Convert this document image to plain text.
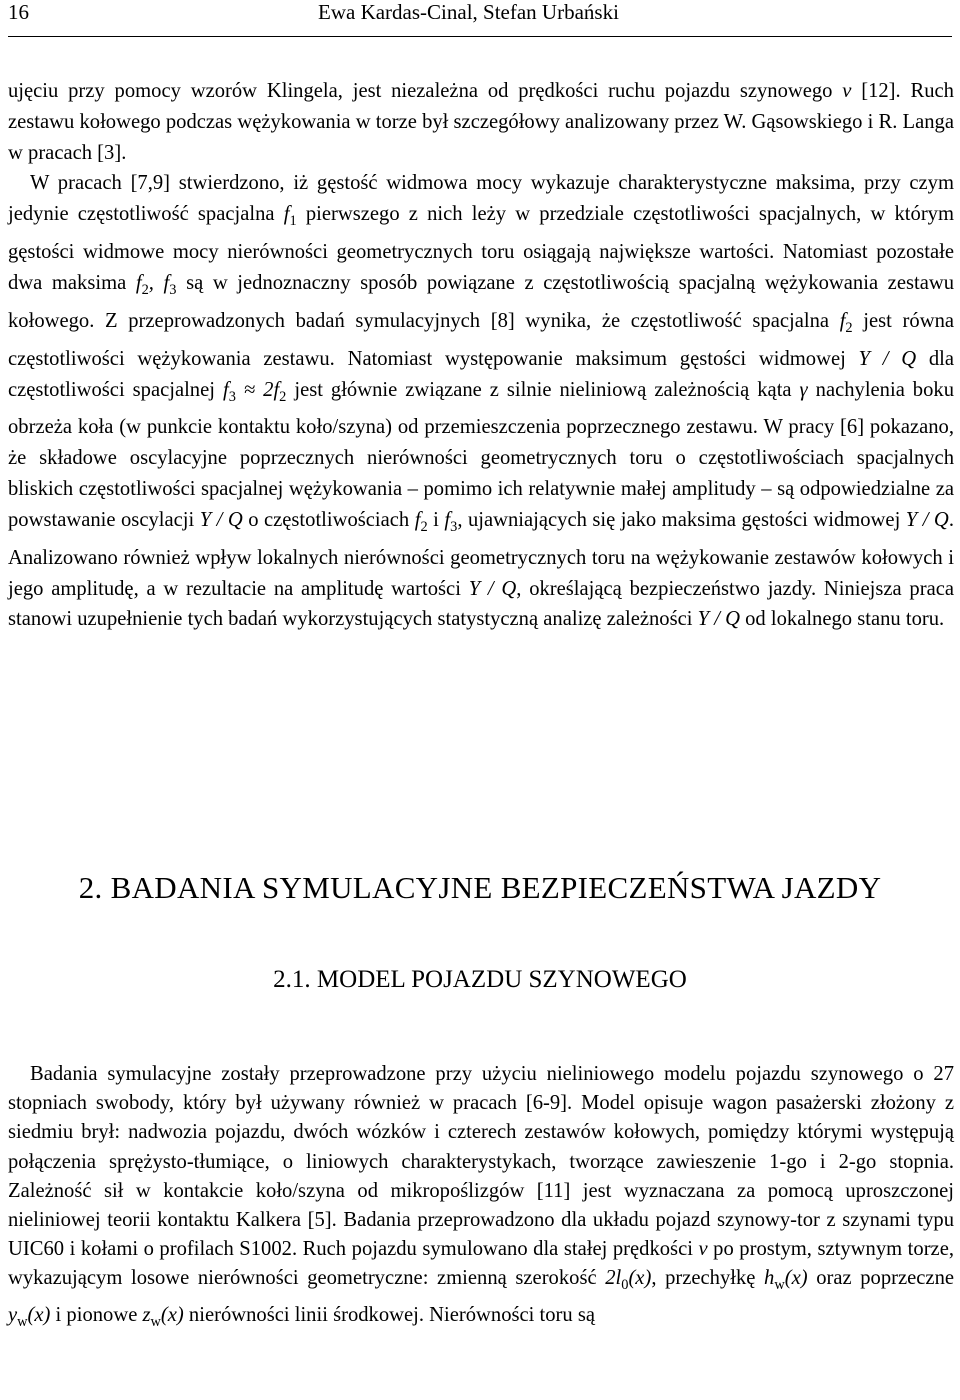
16	Ewa Kardas-Cinal, Stefan Urbański

ujęciu przy pomocy wzorów Klingela, jest niezależna od prędkości ruchu pojazdu szynowego v [12]. Ruch zestawu kołowego podczas wężykowania w torze był szczegółowy analizowany przez W. Gąsowskiego i R. Langa w pracach [3].

W pracach [7,9] stwierdzono, iż gęstość widmowa mocy wykazuje charakterystyczne maksima, przy czym jedynie częstotliwość spacjalna $f_1$ pierwszego z nich leży w przedziale częstotliwości spacjalnych, w którym gęstości widmowe mocy nierówności geometrycznych toru osiągają największe wartości. Natomiast pozostałe dwa maksima $f_2$, $f_3$ są w jednoznaczny sposób powiązane z częstotliwością spacjalną wężykowania zestawu kołowego. Z przeprowadzonych badań symulacyjnych [8] wynika, że częstotliwość spacjalna $f_2$ jest równa częstotliwości wężykowania zestawu. Natomiast występowanie maksimum gęstości widmowej Y / Q dla częstotliwości spacjalnej $f_3 \approx 2f_2$ jest głównie związane z silnie nieliniową zależnością kąta γ nachylenia boku obrzeża koła (w punkcie kontaktu koło/szyna) od przemieszczenia poprzecznego zestawu. W pracy [6] pokazano, że składowe oscylacyjne poprzecznych nierówności geometrycznych toru o częstotliwościach spacjalnych bliskich częstotliwości spacjalnej wężykowania – pomimo ich relatywnie małej amplitudy – są odpowiedzialne za powstawanie oscylacji Y / Q o częstotliwościach $f_2$ i $f_3$, ujawniających się jako maksima gęstości widmowej Y / Q. Analizowano również wpływ lokalnych nierówności geometrycznych toru na wężykowanie zestawów kołowych i jego amplitudę, a w rezultacie na amplitudę wartości Y / Q, określającą bezpieczeństwo jazdy. Niniejsza praca stanowi uzupełnienie tych badań wykorzystujących statystyczną analizę zależności Y / Q od lokalnego stanu toru.

2. BADANIA SYMULACYJNE BEZPIECZEŃSTWA JAZDY
2.1. MODEL POJAZDU SZYNOWEGO

Badania symulacyjne zostały przeprowadzone przy użyciu nieliniowego modelu pojazdu szynowego o 27 stopniach swobody, który był używany również w pracach [6-9]. Model opisuje wagon pasażerski złożony z siedmiu brył: nadwozia pojazdu, dwóch wózków i czterech zestawów kołowych, pomiędzy którymi występują połączenia sprężysto-tłumiące, o liniowych charakterystykach, tworzące zawieszenie 1-go i 2-go stopnia. Zależność sił w kontakcie koło/szyna od mikropoślizgów [11] jest wyznaczana za pomocą uproszczonej nieliniowej teorii kontaktu Kalkera [5]. Badania przeprowadzono dla układu pojazd szynowy-tor z szynami typu UIC60 i kołami o profilach S1002. Ruch pojazdu symulowano dla stałej prędkości v po prostym, sztywnym torze, wykazującym losowe nierówności geometryczne: zmienną szerokość $2l_0(x)$, przechyłkę $h_w(x)$ oraz poprzeczne $y_w(x)$ i pionowe $z_w(x)$ nierówności linii środkowej. Nierówności toru są
